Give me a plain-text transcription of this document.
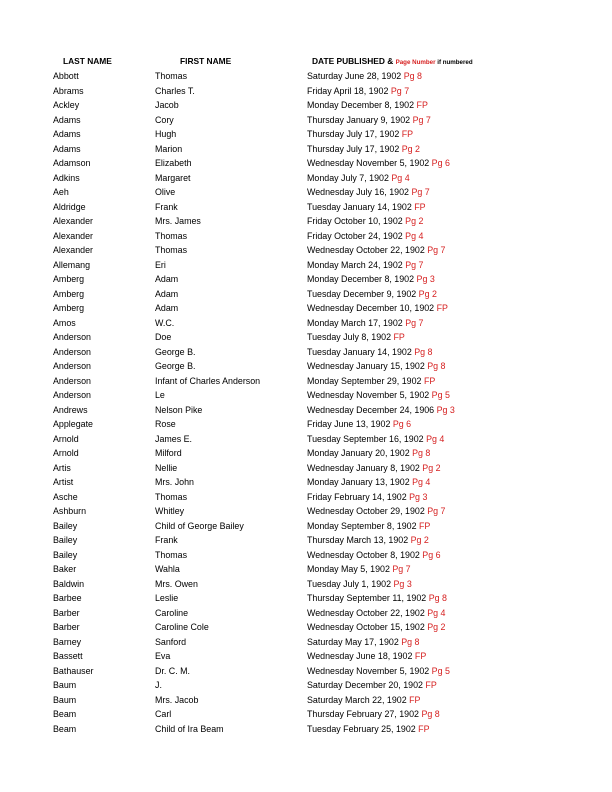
LAST NAME	FIRST NAME	DATE PUBLISHED & Page Number if numbered
Abbott	Thomas	Saturday June 28, 1902 Pg 8
Abrams	Charles T.	Friday April 18, 1902 Pg 7
Ackley	Jacob	Monday December 8, 1902 FP
Adams	Cory	Thursday January 9, 1902 Pg 7
Adams	Hugh	Thursday July 17, 1902 FP
Adams	Marion	Thursday July 17, 1902 Pg 2
Adamson	Elizabeth	Wednesday November 5, 1902 Pg 6
Adkins	Margaret	Monday July 7, 1902 Pg 4
Aeh	Olive	Wednesday July 16, 1902 Pg 7
Aldridge	Frank	Tuesday January 14, 1902 FP
Alexander	Mrs. James	Friday October 10, 1902 Pg 2
Alexander	Thomas	Friday October 24, 1902 Pg 4
Alexander	Thomas	Wednesday October 22, 1902 Pg 7
Allemang	Eri	Monday March 24, 1902 Pg 7
Amberg	Adam	Monday December 8, 1902 Pg 3
Amberg	Adam	Tuesday December 9, 1902 Pg 2
Amberg	Adam	Wednesday December 10, 1902 FP
Amos	W.C.	Monday March 17, 1902 Pg 7
Anderson	Doe	Tuesday July 8, 1902 FP
Anderson	George B.	Tuesday January 14, 1902 Pg 8
Anderson	George B.	Wednesday January 15, 1902 Pg 8
Anderson	Infant of Charles Anderson	Monday September 29, 1902 FP
Anderson	Le	Wednesday November 5, 1902 Pg 5
Andrews	Nelson Pike	Wednesday December 24, 1906 Pg 3
Applegate	Rose	Friday June 13, 1902 Pg 6
Arnold	James E.	Tuesday September 16, 1902 Pg 4
Arnold	Milford	Monday January 20, 1902 Pg 8
Artis	Nellie	Wednesday January 8, 1902 Pg 2
Artist	Mrs. John	Monday January 13, 1902 Pg 4
Asche	Thomas	Friday February 14, 1902 Pg 3
Ashburn	Whitley	Wednesday October 29, 1902 Pg 7
Bailey	Child of George Bailey	Monday September 8, 1902 FP
Bailey	Frank	Thursday March 13, 1902 Pg 2
Bailey	Thomas	Wednesday October 8, 1902 Pg 6
Baker	Wahla	Monday May 5, 1902 Pg 7
Baldwin	Mrs. Owen	Tuesday July 1, 1902 Pg 3
Barbee	Leslie	Thursday September 11, 1902 Pg 8
Barber	Caroline	Wednesday October 22, 1902 Pg 4
Barber	Caroline Cole	Wednesday October 15, 1902 Pg 2
Barney	Sanford	Saturday May 17, 1902 Pg 8
Bassett	Eva	Wednesday June 18, 1902 FP
Bathauser	Dr. C. M.	Wednesday November 5, 1902 Pg 5
Baum	J.	Saturday December 20, 1902 FP
Baum	Mrs. Jacob	Saturday March 22, 1902 FP
Beam	Carl	Thursday February 27, 1902 Pg 8
Beam	Child of Ira Beam	Tuesday February 25, 1902 FP
